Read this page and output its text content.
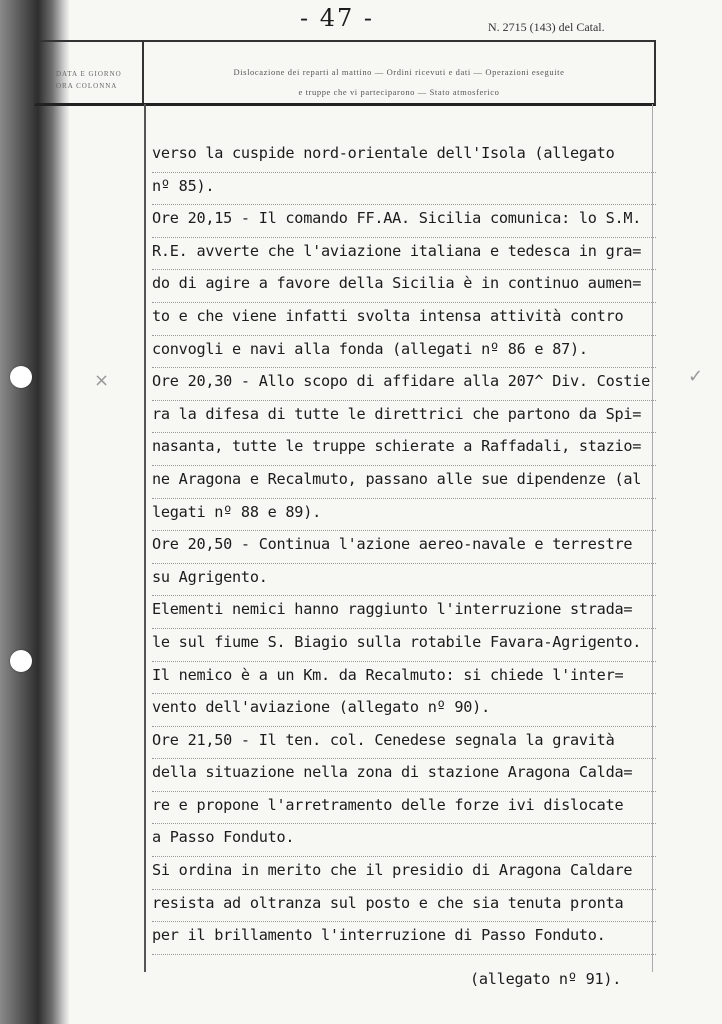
- 47 -	N. 2715 (143) del Catal.
DATA E GIORNO
ORA COLONNA
Dislocazione dei reparti al mattino — Ordini ricevuti e dati — Operazioni eseguite
e truppe che vi parteciparono — Stato atmosferico
×	✓
verso la cuspide nord-orientale dell'Isola (allegato
nº 85).
Ore 20,15 - Il comando FF.AA. Sicilia comunica: lo S.M.
R.E. avverte che l'aviazione italiana e tedesca in gra=
do di agire a favore della Sicilia è in continuo aumen=
to e che viene infatti svolta intensa attività contro
convogli e navi alla fonda (allegati nº 86 e 87).
Ore 20,30 - Allo scopo di affidare alla 207^ Div. Costie
ra la difesa di tutte le direttrici che partono da Spi=
nasanta, tutte le truppe schierate a Raffadali, stazio=
ne Aragona e Recalmuto, passano alle sue dipendenze (al
legati nº 88 e 89).
Ore 20,50 - Continua l'azione aereo-navale e terrestre
su Agrigento.
Elementi nemici hanno raggiunto l'interruzione strada=
le sul fiume S. Biagio sulla rotabile Favara-Agrigento.
Il nemico è a un Km. da Recalmuto: si chiede l'inter=
vento dell'aviazione (allegato nº 90).
Ore 21,50 - Il ten. col. Cenedese segnala la gravità
della situazione nella zona di stazione Aragona Calda=
re e propone l'arretramento delle forze ivi dislocate
a Passo Fonduto.
Si ordina in merito che il presidio di Aragona Caldare
resista ad oltranza sul posto e che sia tenuta pronta
per il brillamento l'interruzione di Passo Fonduto.
(allegato nº 91).
